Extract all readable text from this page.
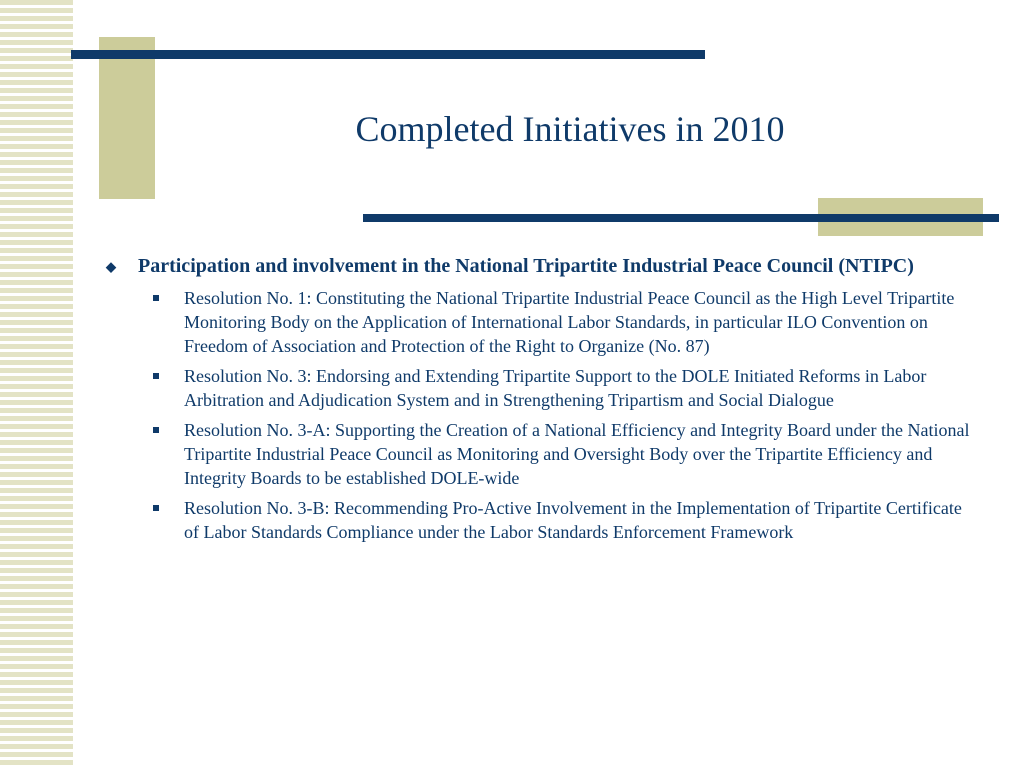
Completed Initiatives in 2010
◆ Participation and involvement in the National Tripartite Industrial Peace Council (NTIPC)
Resolution No. 1: Constituting the National Tripartite Industrial Peace Council as the High Level Tripartite Monitoring Body on the Application of International Labor Standards, in particular ILO Convention on Freedom of Association and Protection of the Right to Organize (No. 87)
Resolution No. 3: Endorsing and Extending Tripartite Support to the DOLE Initiated Reforms in Labor Arbitration and Adjudication System and in Strengthening Tripartism and Social Dialogue
Resolution No. 3-A: Supporting the Creation of a National Efficiency and Integrity Board under the National Tripartite Industrial Peace Council as Monitoring and Oversight Body over the Tripartite Efficiency and Integrity Boards to be established DOLE-wide
Resolution No. 3-B: Recommending Pro-Active Involvement in the Implementation of Tripartite Certificate of Labor Standards Compliance under the Labor Standards Enforcement Framework
